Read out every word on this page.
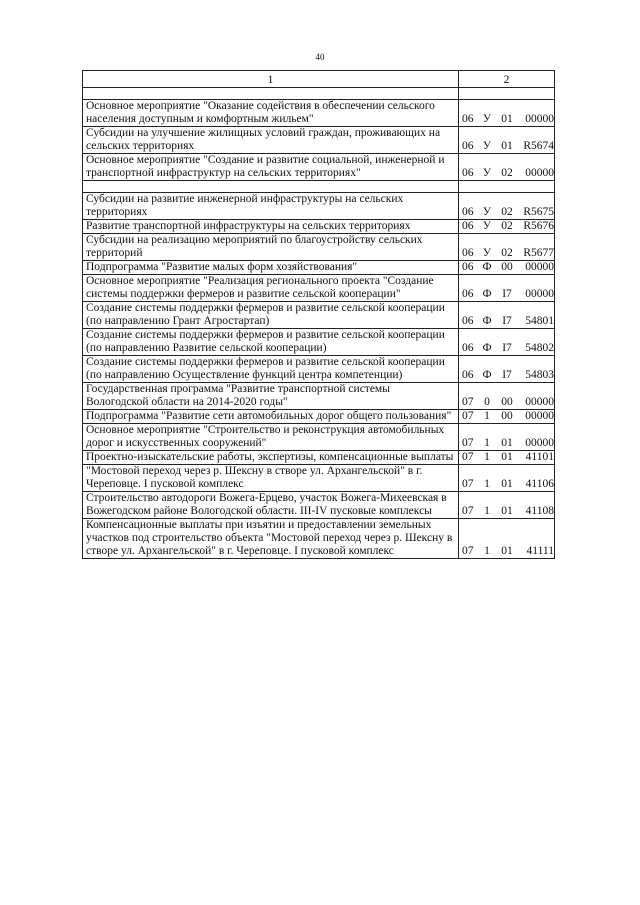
40
1	2

Основное мероприятие "Оказание содействия в обеспечении сельского населения доступным и комфортным жильем"	06 У 01 00000
Субсидии на улучшение жилищных условий граждан, проживающих на сельских территориях	06 У 01 R5674
Основное мероприятие "Создание и развитие социальной, инженерной и транспортной инфраструктур на сельских территориях"	06 У 02 00000

Субсидии на развитие инженерной инфраструктуры на сельских территориях	06 У 02 R5675
Развитие транспортной инфраструктуры на сельских территориях	06 У 02 R5676
Субсидии на реализацию мероприятий по благоустройству сельских территорий	06 У 02 R5677
Подпрограмма "Развитие малых форм хозяйствования"	06 Ф 00 00000
Основное мероприятие "Реализация регионального проекта "Создание системы поддержки фермеров и развитие сельской кооперации"	06 Ф I7 00000
Создание системы поддержки фермеров и развитие сельской кооперации (по направлению Грант Агростартап)	06 Ф I7 54801
Создание системы поддержки фермеров и развитие сельской кооперации (по направлению Развитие сельской кооперации)	06 Ф I7 54802
Создание системы поддержки фермеров и развитие сельской кооперации (по направлению Осуществление функций центра компетенции)	06 Ф I7 54803
Государственная программа "Развитие транспортной системы Вологодской области на 2014-2020 годы"	07 0 00 00000
Подпрограмма "Развитие сети автомобильных дорог общего пользования"	07 1 00 00000
Основное мероприятие "Строительство и реконструкция автомобильных дорог и искусственных сооружений"	07 1 01 00000
Проектно-изыскательские работы, экспертизы, компенсационные выплаты	07 1 01 41101
"Мостовой переход через р. Шексну в створе ул. Архангельской" в г. Череповце. I пусковой комплекс	07 1 01 41106
Строительство автодороги Вожега-Ерцево, участок Вожега-Михеевская в Вожегодском районе Вологодской области. III-IV пусковые комплексы	07 1 01 41108
Компенсационные выплаты при изъятии и предоставлении земельных участков под строительство объекта "Мостовой переход через р. Шексну в створе ул. Архангельской" в г. Череповце. I пусковой комплекс	07 1 01 41111
